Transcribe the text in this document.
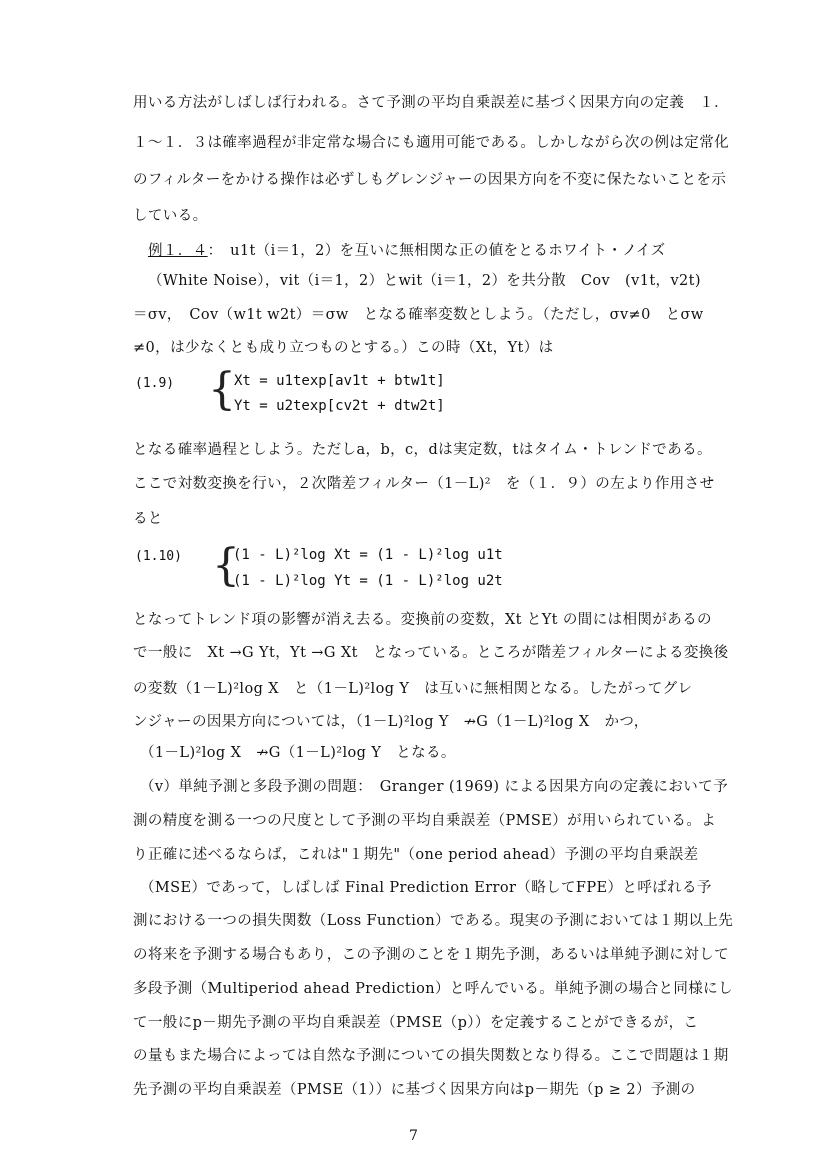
用いる方法がしばしば行われる。さて予測の平均自乗誤差に基づく因果方向の定義　１．
１～１．３は確率過程が非定常な場合にも適用可能である。しかしながら次の例は定常化
のフィルターをかける操作は必ずしもグレンジャーの因果方向を不変に保たないことを示
している。
例１．４：　u1t（i＝1，2）を互いに無相関な正の値をとるホワイト・ノイズ
（White Noise），vit（i＝1，2）とwit（i＝1，2）を共分散　Cov　(v1t，v2t)
＝σv，　Cov（w1t w2t）＝σw　となる確率変数としよう。（ただし，σv≠0　とσw
≠0，は少なくとも成り立つものとする。）この時（Xt，Yt）は
(1.9) {
Xt = u1texp[av1t + btw1t]
Yt = u2texp[cv2t + dtw2t]
となる確率過程としよう。ただしa，b，c，dは実定数，tはタイム・トレンドである。
ここで対数変換を行い，２次階差フィルター（1－L)²　を（１．９）の左より作用させ
ると
(1.10) {
(1 - L)²log Xt = (1 - L)²log u1t
(1 - L)²log Yt = (1 - L)²log u2t
となってトレンド項の影響が消え去る。変換前の変数，Xt とYt の間には相関があるの
で一般に　Xt →G Yt，Yt →G Xt　となっている。ところが階差フィルターによる変換後
の変数（1－L)²log X　と（1－L)²log Y　は互いに無相関となる。したがってグレ
ンジャーの因果方向については，（1－L)²log Y　↛G（1－L)²log X　かつ，
（1－L)²log X　↛G（1－L)²log Y　となる。
（v）単純予測と多段予測の問題：　Granger (1969) による因果方向の定義において予
測の精度を測る一つの尺度として予測の平均自乗誤差（PMSE）が用いられている。よ
り正確に述べるならば，これは"１期先"（one period ahead）予測の平均自乗誤差
（MSE）であって，しばしば Final Prediction Error（略してFPE）と呼ばれる予
測における一つの損失関数（Loss Function）である。現実の予測においては１期以上先
の将来を予測する場合もあり，この予測のことを１期先予測，あるいは単純予測に対して
多段予測（Multiperiod ahead Prediction）と呼んでいる。単純予測の場合と同様にし
て一般にp－期先予測の平均自乗誤差（PMSE（p））を定義することができるが，こ
の量もまた場合によっては自然な予測についての損失関数となり得る。ここで問題は１期
先予測の平均自乗誤差（PMSE（1））に基づく因果方向はp－期先（p ≥ 2）予測の
7
